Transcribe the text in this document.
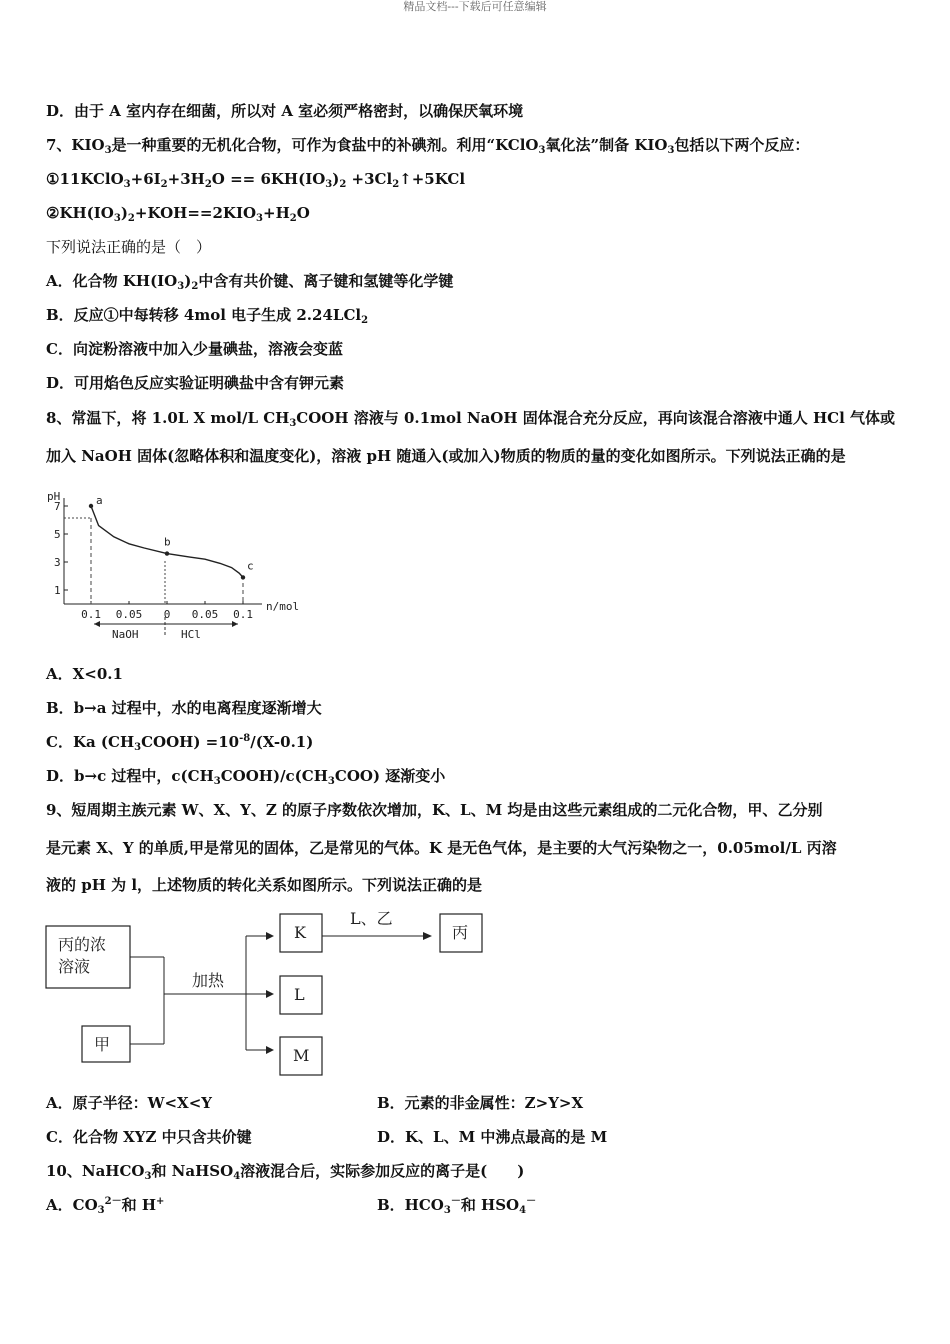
精品文档---下载后可任意编辑
D．由于 A 室内存在细菌，所以对 A 室必须严格密封，以确保厌氧环境
7、$KIO_3$是一种重要的无机化合物，可作为食盐中的补碘剂。利用“KClO$_3$氧化法”制备 $KIO_3$包括以下两个反应：
$①11KClO_3+6I_2+3H_2O == 6KH(IO_3)_2$ $+3Cl_2↑+5KCl$
$②KH(IO_3)_2+KOH==2KIO_3+H_2O$
下列说法正确的是（　）
A．化合物 $KH(IO_3)_2$中含有共价键、离子键和氢键等化学键
B．反应①中每转移 4mol 电子生成 2.24LCl$_2$
C．向淀粉溶液中加入少量碘盐，溶液会变蓝
D．可用焰色反应实验证明碘盐中含有钾元素
8、常温下，将 1.0L X mol/L $CH_3COOH$ 溶液与 0.1mol NaOH 固体混合充分反应，再向该混合溶液中通人 HCl 气体或
加入 NaOH 固体(忽略体积和温度变化)，溶液 pH 随通入(或加入)物质的物质的量的变化如图所示。下列说法正确的是
pH
n/mol
7
5
3
1
0.1 0.05 0 0.05 0.1
a
b
c
NaOH	HCl
A．X<0.1
B．b→a 过程中，水的电离程度逐渐增大
C．Ka $(CH_3COOH) =10^{-8}/(X-0.1)$
D．b→c 过程中，$c(CH_3COOH)/c(CH_3COO)$ 逐渐变小
9、短周期主族元素 W、X、Y、Z 的原子序数依次增加，K、L、M 均是由这些元素组成的二元化合物，甲、乙分别
是元素 X、Y 的单质,甲是常见的固体，乙是常见的气体。K 是无色气体，是主要的大气污染物之一，0.05mol/L 丙溶
液的 pH 为 l，上述物质的转化关系如图所示。下列说法正确的是
丙的浓
溶液
甲
加热
K
L
M
L、乙
丙
A．原子半径：W<X<Y	B．元素的非金属性：Z>Y>X
C．化合物 XYZ 中只含共价键	D．K、L、M 中沸点最高的是 M
10、NaHCO$_3$和 NaHSO$_4$溶液混合后，实际参加反应的离子是(　　)
A．$CO_3^{2-}$和 H+	B．$HCO_3^-$和 $HSO_4^-$
